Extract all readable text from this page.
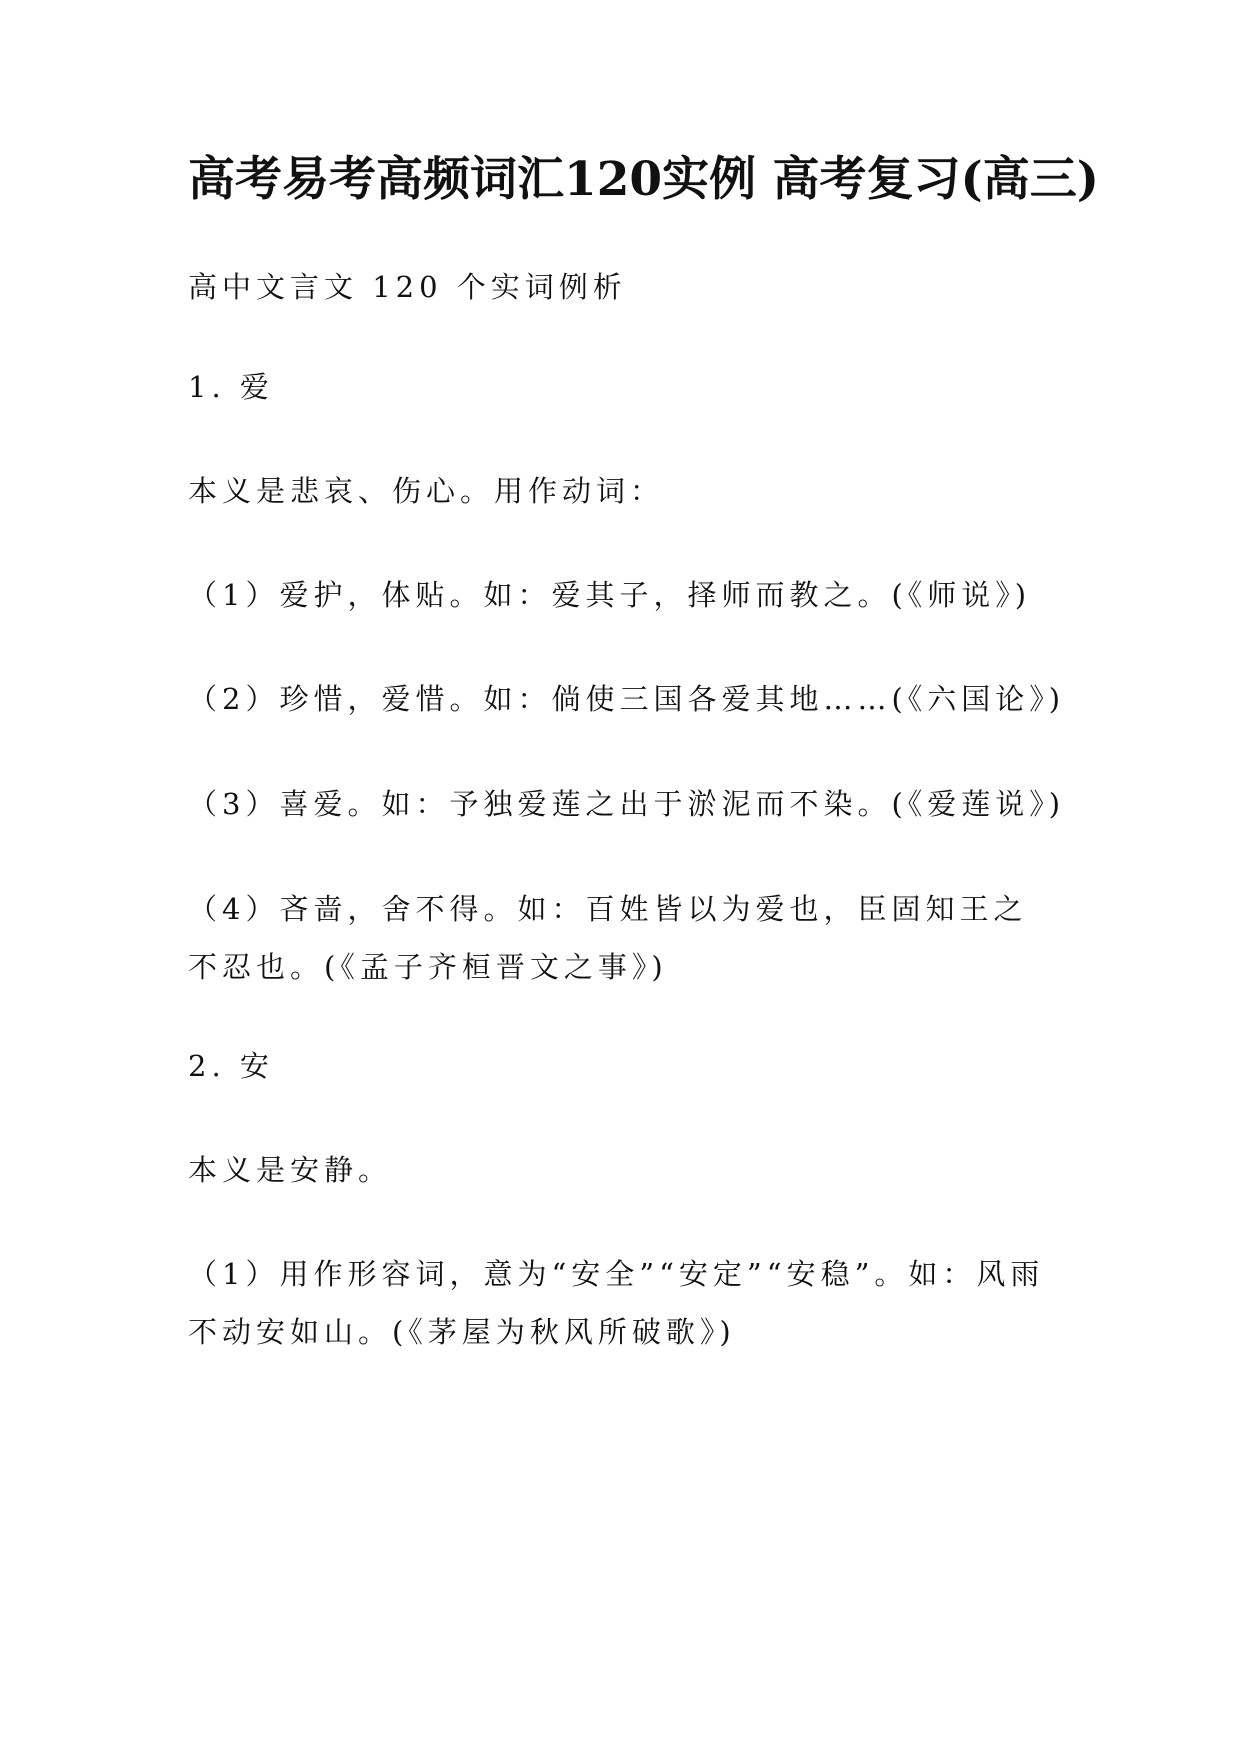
高考易考高频词汇120实例 高考复习(高三)

高中文言文 120 个实词例析

1. 爱

本义是悲哀、伤心。用作动词：

（1）爱护，体贴。如：爱其子，择师而教之。(《师说》)

（2）珍惜，爱惜。如：倘使三国各爱其地……(《六国论》)

（3）喜爱。如：予独爱莲之出于淤泥而不染。(《爱莲说》)

（4）吝啬，舍不得。如：百姓皆以为爱也，臣固知王之不忍也。(《孟子齐桓晋文之事》)

2. 安

本义是安静。

（1）用作形容词，意为“安全”“安定”“安稳”。如：风雨不动安如山。(《茅屋为秋风所破歌》)
